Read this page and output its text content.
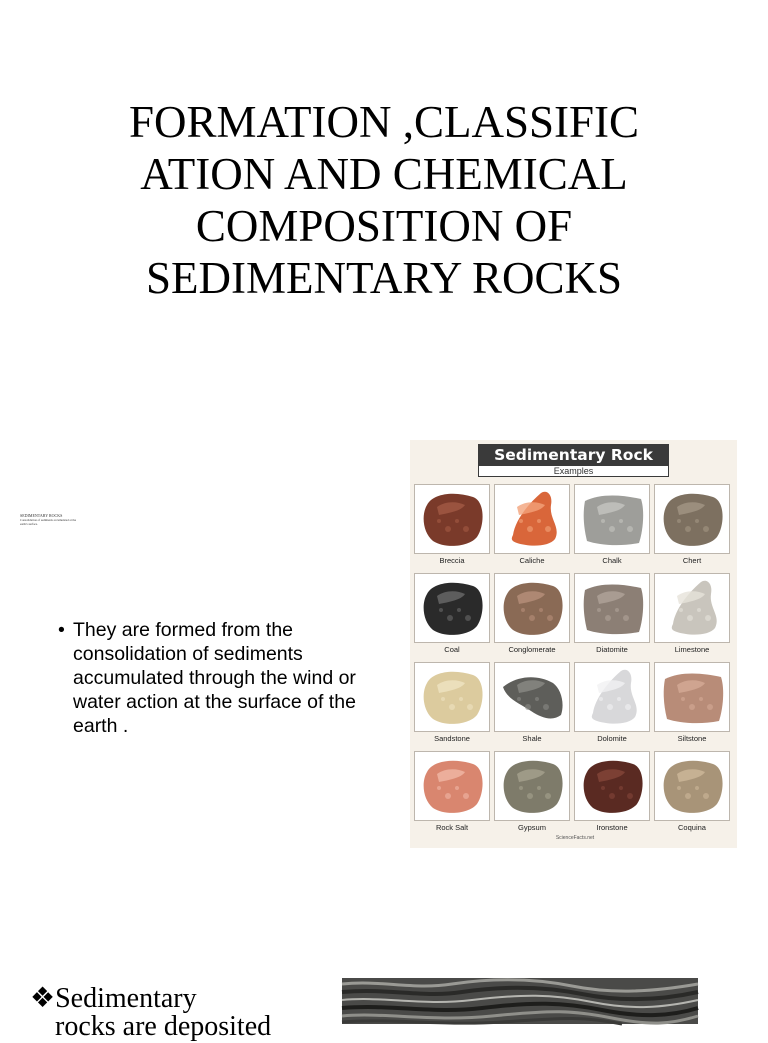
FORMATION ,CLASSIFIC ATION AND CHEMICAL COMPOSITION OF SEDIMENTARY ROCKS
SEDIMENTARY ROCKS
Consolidation of sediments accumulated at the earth's surface.
• They are formed from the consolidation of sediments accumulated through the wind or water action at the surface of the earth .
Sedimentary Rock
Examples
Breccia	Caliche	Chalk	Chert
Coal	Conglomerate	Diatomite	Limestone
Sandstone	Shale	Dolomite	Siltstone
Rock Salt	Gypsum	Ironstone	Coquina
ScienceFacts.net
❖Sedimentary
rocks are deposited
